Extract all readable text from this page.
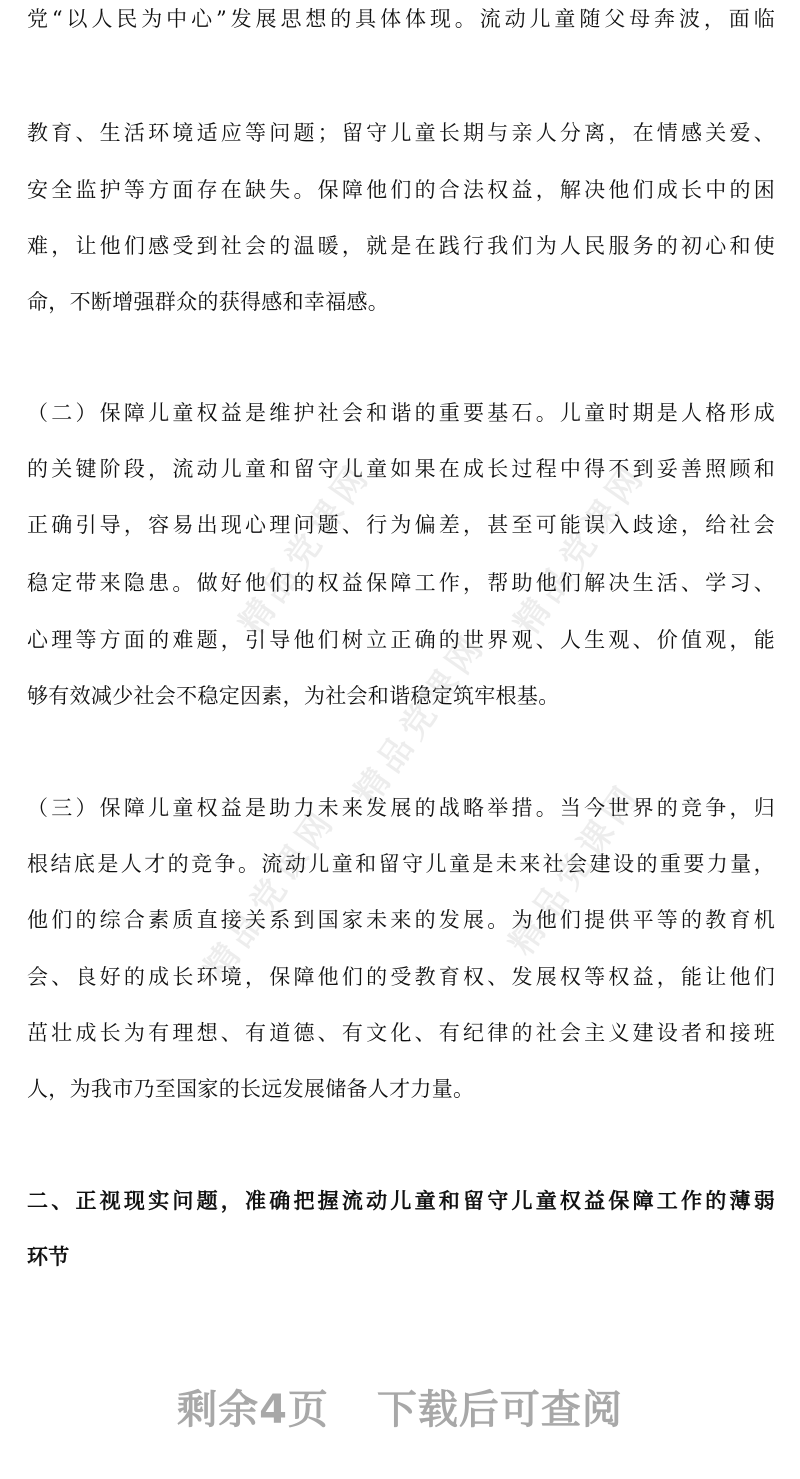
精品党课网	精品党课网
精品党课网
精品党课网	精品党课网
党“以人民为中心”发展思想的具体体现。流动儿童随父母奔波，面临
教育、生活环境适应等问题；留守儿童长期与亲人分离，在情感关爱、
安全监护等方面存在缺失。保障他们的合法权益，解决他们成长中的困
难，让他们感受到社会的温暖，就是在践行我们为人民服务的初心和使
命，不断增强群众的获得感和幸福感。
（二）保障儿童权益是维护社会和谐的重要基石。儿童时期是人格形成
的关键阶段，流动儿童和留守儿童如果在成长过程中得不到妥善照顾和
正确引导，容易出现心理问题、行为偏差，甚至可能误入歧途，给社会
稳定带来隐患。做好他们的权益保障工作，帮助他们解决生活、学习、
心理等方面的难题，引导他们树立正确的世界观、人生观、价值观，能
够有效减少社会不稳定因素，为社会和谐稳定筑牢根基。
（三）保障儿童权益是助力未来发展的战略举措。当今世界的竞争，归
根结底是人才的竞争。流动儿童和留守儿童是未来社会建设的重要力量，
他们的综合素质直接关系到国家未来的发展。为他们提供平等的教育机
会、良好的成长环境，保障他们的受教育权、发展权等权益，能让他们
茁壮成长为有理想、有道德、有文化、有纪律的社会主义建设者和接班
人，为我市乃至国家的长远发展储备人才力量。
二、正视现实问题，准确把握流动儿童和留守儿童权益保障工作的薄弱
环节
剩余4页 下载后可查阅
